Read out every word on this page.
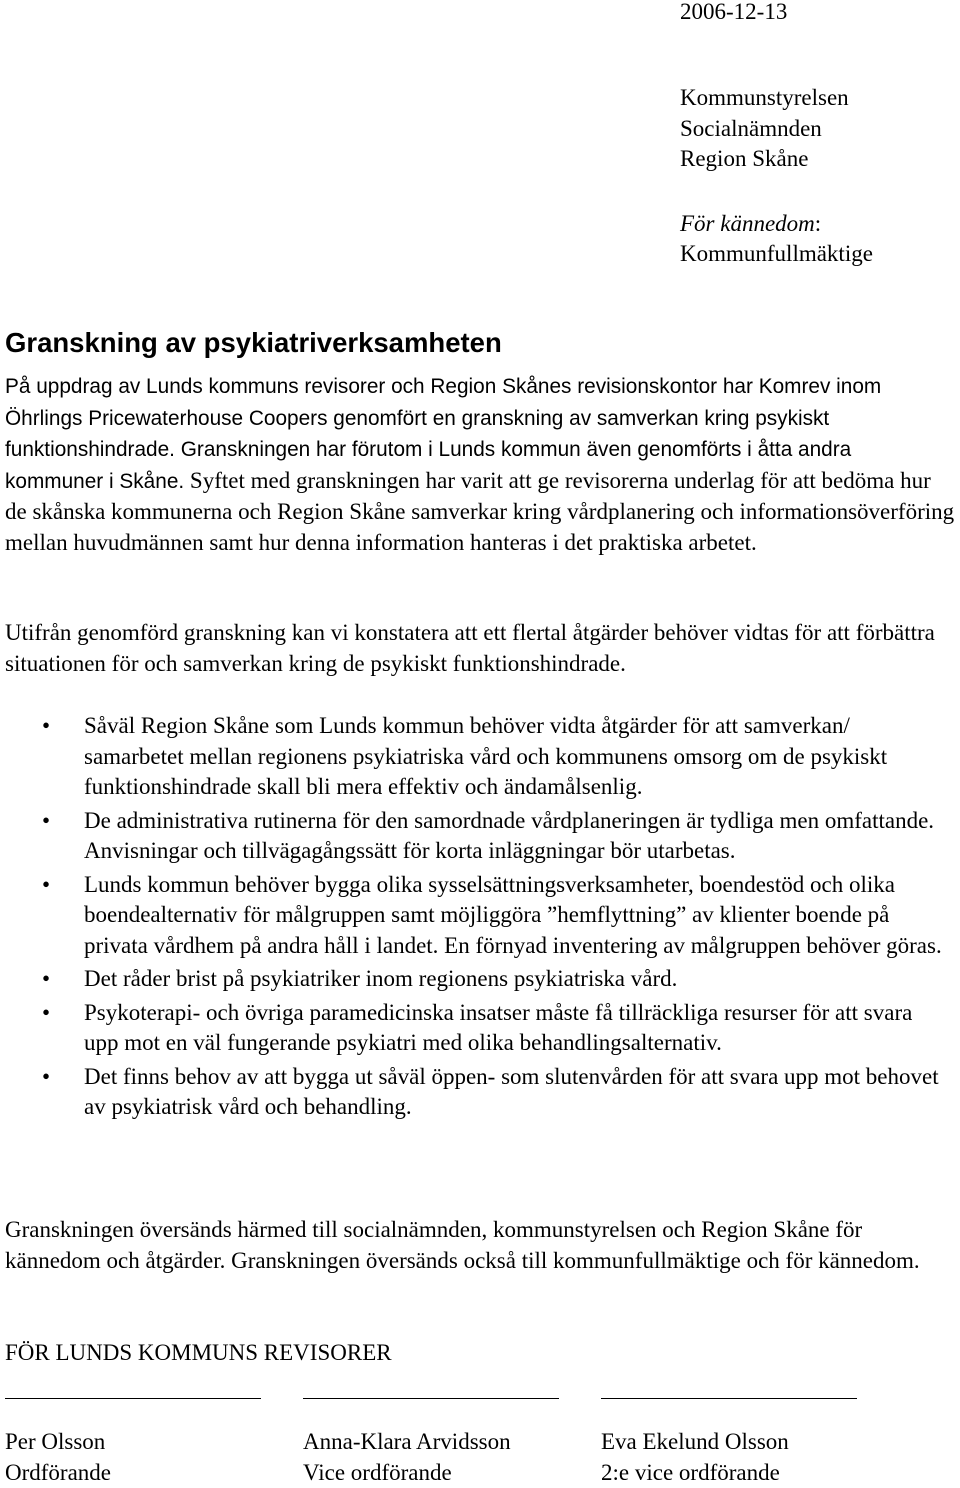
2006-12-13
Kommunstyrelsen
Socialnämnden
Region Skåne
För kännedom:
Kommunfullmäktige
Granskning av psykiatriverksamheten
På uppdrag av Lunds kommuns revisorer och Region Skånes revisionskontor har Komrev inom Öhrlings Pricewaterhouse Coopers genomfört en granskning av samverkan kring psykiskt funktionshindrade. Granskningen har förutom i Lunds kommun även genomförts i åtta andra kommuner i Skåne. Syftet med granskningen har varit att ge revisorerna underlag för att bedöma hur de skånska kommunerna och Region Skåne samverkar kring vårdplanering och informationsöverföring mellan huvudmännen samt hur denna information hanteras i det praktiska arbetet.
Utifrån genomförd granskning kan vi konstatera att ett flertal åtgärder behöver vidtas för att förbättra situationen för och samverkan kring de psykiskt funktionshindrade.
• Såväl Region Skåne som Lunds kommun behöver vidta åtgärder för att samverkan/ samarbetet mellan regionens psykiatriska vård och kommunens omsorg om de psykiskt funktionshindrade skall bli mera effektiv och ändamålsenlig.
• De administrativa rutinerna för den samordnade vårdplaneringen är tydliga men omfattande. Anvisningar och tillvägagångssätt för korta inläggningar bör utarbetas.
• Lunds kommun behöver bygga olika sysselsättningsverksamheter, boendestöd och olika boendealternativ för målgruppen samt möjliggöra ”hemflyttning” av klienter boende på privata vårdhem på andra håll i landet. En förnyad inventering av målgruppen behöver göras.
• Det råder brist på psykiatriker inom regionens psykiatriska vård.
• Psykoterapi- och övriga paramedicinska insatser måste få tillräckliga resurser för att svara upp mot en väl fungerande psykiatri med olika behandlingsalternativ.
• Det finns behov av att bygga ut såväl öppen- som slutenvården för att svara upp mot behovet av psykiatrisk vård och behandling.
Granskningen översänds härmed till socialnämnden, kommunstyrelsen och Region Skåne för kännedom och åtgärder. Granskningen översänds också till kommunfullmäktige och för kännedom.
FÖR LUNDS KOMMUNS REVISORER
Per Olsson
Ordförande
Anna-Klara Arvidsson
Vice ordförande
Eva Ekelund Olsson
2:e vice ordförande
